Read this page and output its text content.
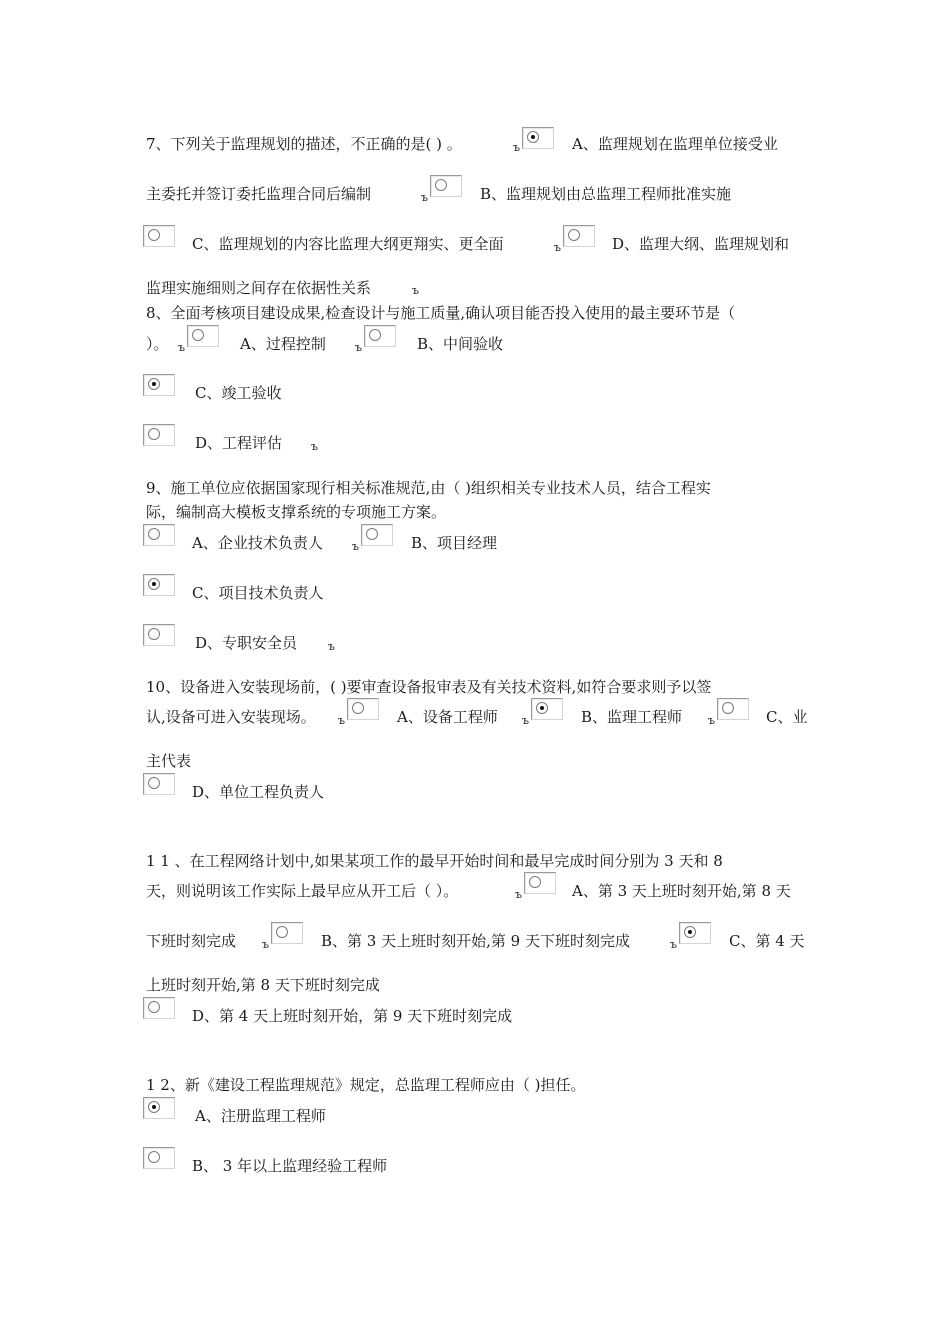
7、下列关于监理规划的描述，不正确的是( ) 。	ъ	A、监理规划在监理单位接受业
主委托并签订委托监理合同后编制	ъ	B、监理规划由总监理工程师批准实施
C、监理规划的内容比监理大纲更翔实、更全面	ъ	D、监理大纲、监理规划和
监理实施细则之间存在依据性关系	ъ
8、全面考核项目建设成果,检查设计与施工质量,确认项目能否投入使用的最主要环节是（
）。 ъ	A、过程控制	ъ	B、中间验收
C、竣工验收
D、工程评估	ъ
9、施工单位应依据国家现行相关标准规范,由（ )组织相关专业技术人员，结合工程实
际，编制高大模板支撑系统的专项施工方案。
A、企业技术负责人	ъ	B、项目经理
C、项目技术负责人
D、专职安全员	ъ
10、设备进入安装现场前，( )要审查设备报审表及有关技术资料,如符合要求则予以签
认,设备可进入安装现场。 ъ	A、设备工程师 ъ	B、监理工程师 ъ	C、业
主代表
D、单位工程负责人
1 1 、在工程网络计划中,如果某项工作的最早开始时间和最早完成时间分别为 3 天和 8
天，则说明该工作实际上最早应从开工后（ ）。	ъ	A、第 3 天上班时刻开始,第 8 天
下班时刻完成 ъ	B、第 3 天上班时刻开始,第 9 天下班时刻完成	ъ	C、第 4 天
上班时刻开始,第 8 天下班时刻完成
D、第 4 天上班时刻开始，第 9 天下班时刻完成
1 2、新《建设工程监理规范》规定，总监理工程师应由（ )担任。
A、注册监理工程师
B、 3 年以上监理经验工程师
